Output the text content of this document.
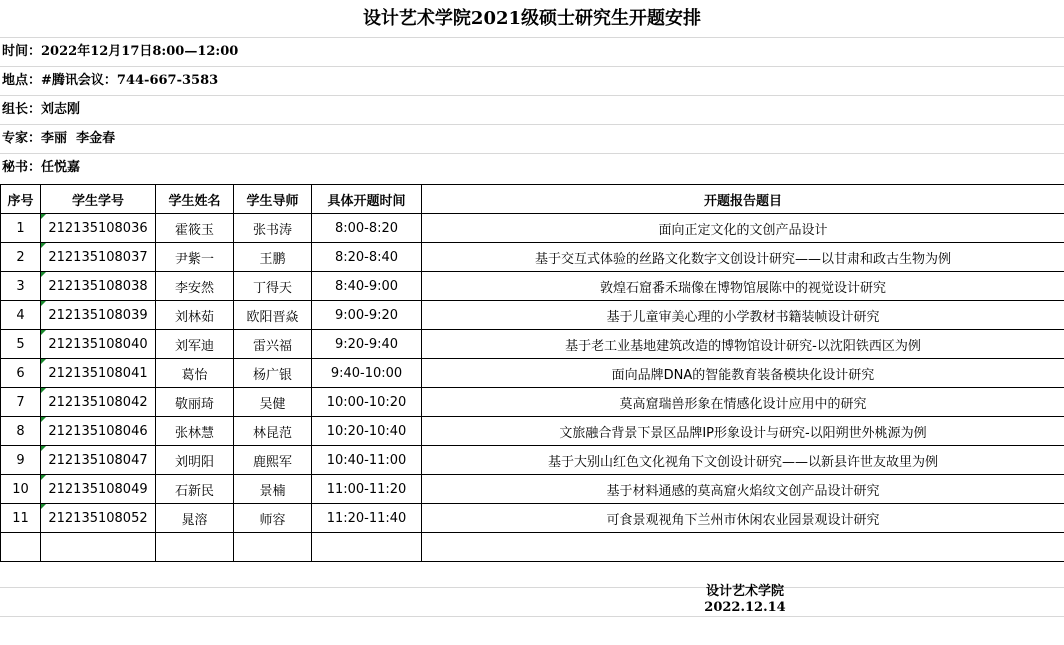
设计艺术学院2021级硕士研究生开题安排
时间：2022年12月17日8:00—12:00
地点：#腾讯会议：744-667-3583
组长：刘志刚
专家：李丽  李金春
秘书：任悦嘉
序号	学生学号	学生姓名	学生导师	具体开题时间	开题报告题目
1	212135108036	霍筱玉	张书涛	8:00-8:20	面向正定文化的文创产品设计
2	212135108037	尹紫一	王鹏	8:20-8:40	基于交互式体验的丝路文化数字文创设计研究——以甘肃和政古生物为例
3	212135108038	李安然	丁得天	8:40-9:00	敦煌石窟番禾瑞像在博物馆展陈中的视觉设计研究
4	212135108039	刘林茹	欧阳晋焱	9:00-9:20	基于儿童审美心理的小学教材书籍装帧设计研究
5	212135108040	刘军迪	雷兴福	9:20-9:40	基于老工业基地建筑改造的博物馆设计研究-以沈阳铁西区为例
6	212135108041	葛怡	杨广银	9:40-10:00	面向品牌DNA的智能教育装备模块化设计研究
7	212135108042	敬丽琦	吴健	10:00-10:20	莫高窟瑞兽形象在情感化设计应用中的研究
8	212135108046	张林慧	林昆范	10:20-10:40	文旅融合背景下景区品牌IP形象设计与研究-以阳朔世外桃源为例
9	212135108047	刘明阳	鹿熙军	10:40-11:00	基于大别山红色文化视角下文创设计研究——以新县许世友故里为例
10	212135108049	石新民	景楠	11:00-11:20	基于材料通感的莫高窟火焰纹文创产品设计研究
11	212135108052	晁溶	师容	11:20-11:40	可食景观视角下兰州市休闲农业园景观设计研究

设计艺术学院
2022.12.14
